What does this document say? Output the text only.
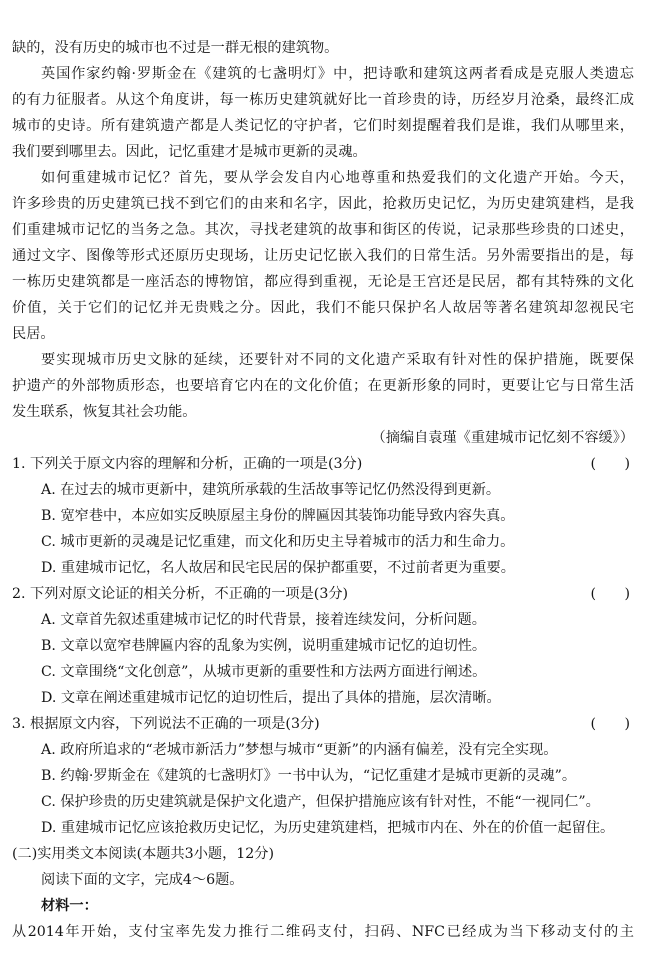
缺的，没有历史的城市也不过是一群无根的建筑物。
英国作家约翰·罗斯金在《建筑的七盏明灯》中，把诗歌和建筑这两者看成是克服人类遗忘
的有力征服者。从这个角度讲，每一栋历史建筑就好比一首珍贵的诗，历经岁月沧桑，最终汇成
城市的史诗。所有建筑遗产都是人类记忆的守护者，它们时刻提醒着我们是谁，我们从哪里来，
我们要到哪里去。因此，记忆重建才是城市更新的灵魂。
如何重建城市记忆？首先，要从学会发自内心地尊重和热爱我们的文化遗产开始。今天，
许多珍贵的历史建筑已找不到它们的由来和名字，因此，抢救历史记忆，为历史建筑建档，是我
们重建城市记忆的当务之急。其次，寻找老建筑的故事和街区的传说，记录那些珍贵的口述史，
通过文字、图像等形式还原历史现场，让历史记忆嵌入我们的日常生活。另外需要指出的是，每
一栋历史建筑都是一座活态的博物馆，都应得到重视，无论是王宫还是民居，都有其特殊的文化
价值，关于它们的记忆并无贵贱之分。因此，我们不能只保护名人故居等著名建筑却忽视民宅
民居。
要实现城市历史文脉的延续，还要针对不同的文化遗产采取有针对性的保护措施，既要保
护遗产的外部物质形态，也要培育它内在的文化价值；在更新形象的同时，更要让它与日常生活
发生联系，恢复其社会功能。
（摘编自袁瑾《重建城市记忆刻不容缓》）
1. 下列关于原文内容的理解和分析，正确的一项是(3分)	(　　)
A. 在过去的城市更新中，建筑所承载的生活故事等记忆仍然没得到更新。
B. 宽窄巷中，本应如实反映原屋主身份的牌匾因其装饰功能导致内容失真。
C. 城市更新的灵魂是记忆重建，而文化和历史主导着城市的活力和生命力。
D. 重建城市记忆，名人故居和民宅民居的保护都重要，不过前者更为重要。
2. 下列对原文论证的相关分析，不正确的一项是(3分)	(　　)
A. 文章首先叙述重建城市记忆的时代背景，接着连续发问，分析问题。
B. 文章以宽窄巷牌匾内容的乱象为实例，说明重建城市记忆的迫切性。
C. 文章围绕“文化创意”，从城市更新的重要性和方法两方面进行阐述。
D. 文章在阐述重建城市记忆的迫切性后，提出了具体的措施，层次清晰。
3. 根据原文内容，下列说法不正确的一项是(3分)	(　　)
A. 政府所追求的“老城市新活力”梦想与城市“更新”的内涵有偏差，没有完全实现。
B. 约翰·罗斯金在《建筑的七盏明灯》一书中认为，“记忆重建才是城市更新的灵魂”。
C. 保护珍贵的历史建筑就是保护文化遗产，但保护措施应该有针对性，不能“一视同仁”。
D. 重建城市记忆应该抢救历史记忆，为历史建筑建档，把城市内在、外在的价值一起留住。
(二)实用类文本阅读(本题共3小题，12分)
阅读下面的文字，完成4～6题。
材料一：
从2014年开始，支付宝率先发力推行二维码支付，扫码、NFC已经成为当下移动支付的主
